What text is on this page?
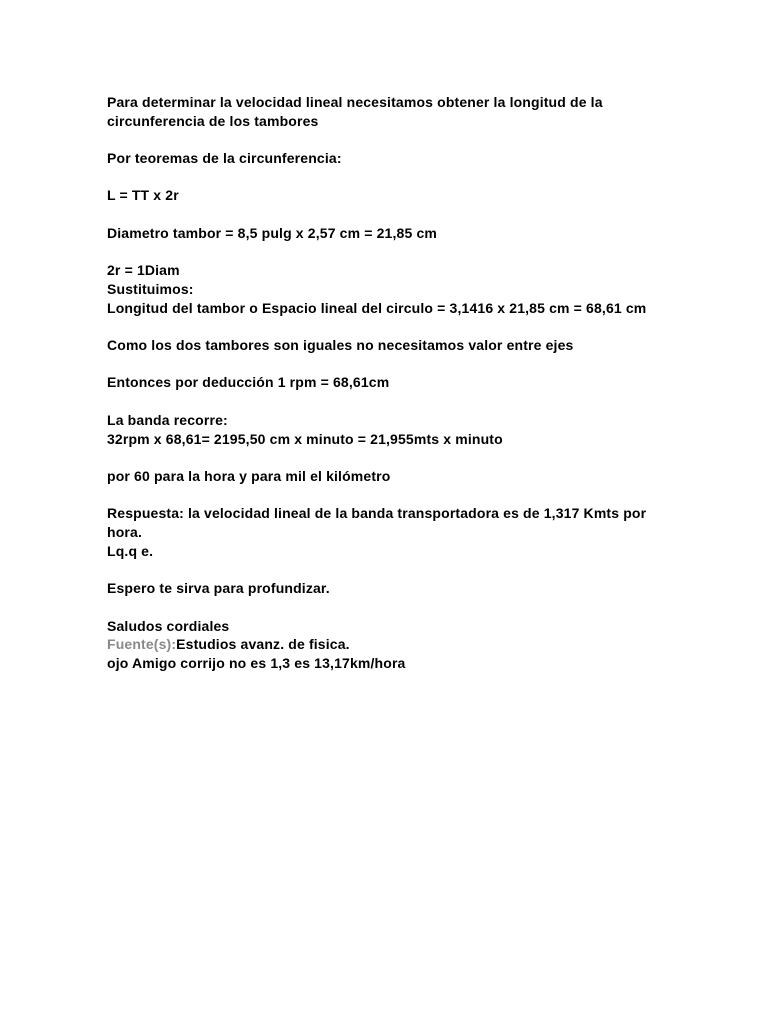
Para determinar la velocidad lineal necesitamos obtener la longitud de la circunferencia de los tambores
Por teoremas de la circunferencia:
L = TT x 2r
Diametro tambor = 8,5 pulg x 2,57 cm = 21,85 cm
2r = 1Diam
Sustituimos:
Longitud del tambor o Espacio lineal del circulo = 3,1416 x 21,85 cm = 68,61 cm
Como los dos tambores son iguales no necesitamos valor entre ejes
Entonces por deducción 1 rpm = 68,61cm
La banda recorre:
32rpm x 68,61= 2195,50 cm x minuto = 21,955mts x minuto
por 60 para la hora y para mil el kilómetro
Respuesta: la velocidad lineal de la banda transportadora es de 1,317 Kmts por hora.
Lq.q e.
Espero te sirva para profundizar.
Saludos cordiales
Fuente(s):Estudios avanz. de fisica.
ojo Amigo corrijo no es 1,3 es 13,17km/hora
